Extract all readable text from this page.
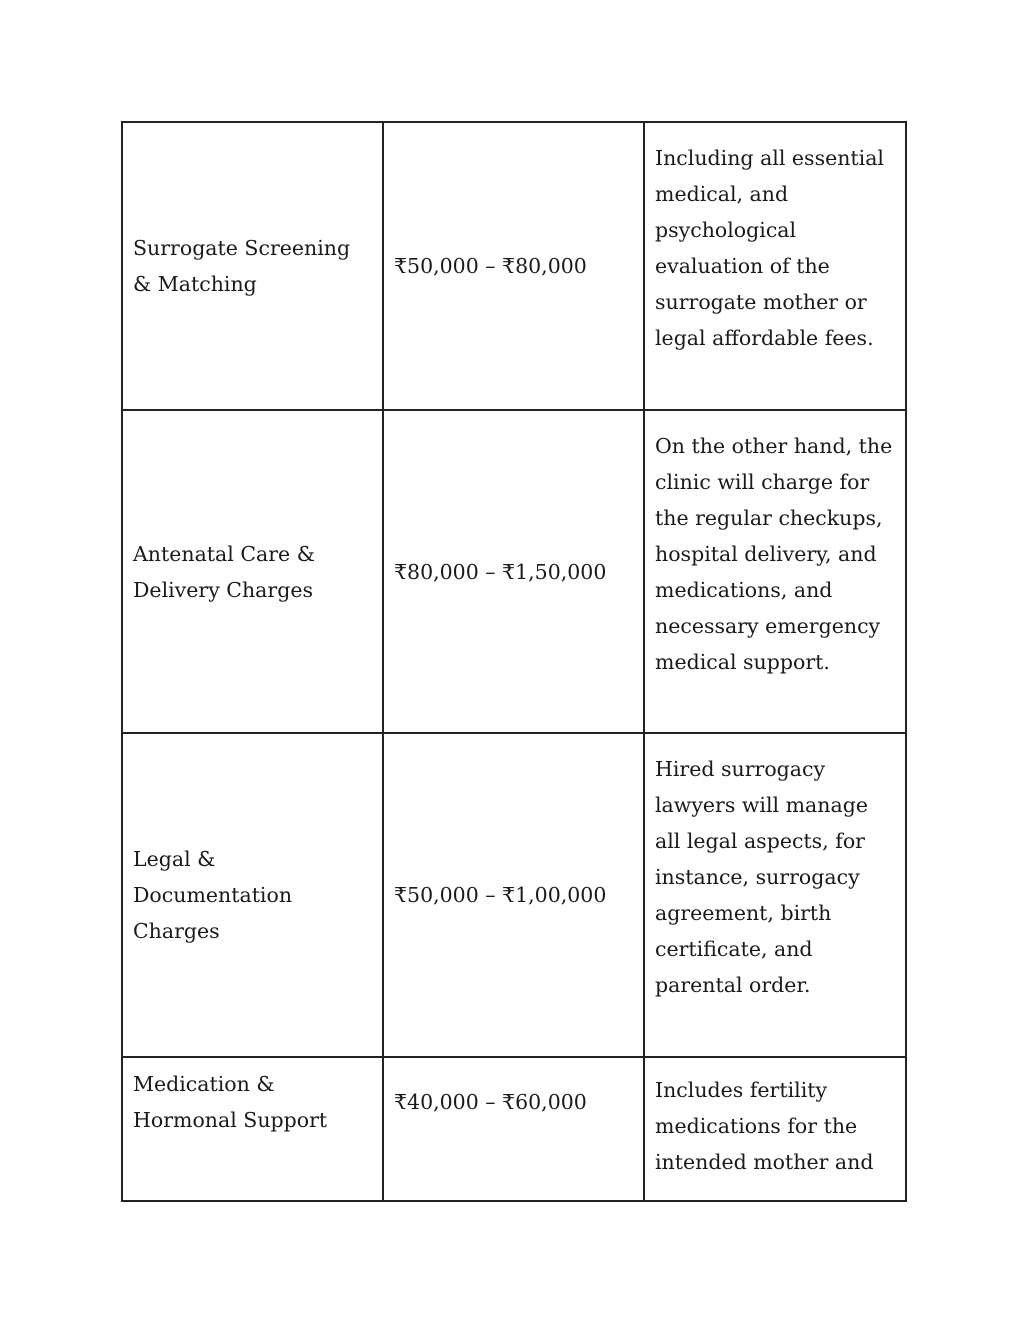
Surrogate Screening & Matching	₹50,000 – ₹80,000	Including all essential medical, and psychological evaluation of the surrogate mother or legal affordable fees.

Antenatal Care & Delivery Charges	₹80,000 – ₹1,50,000	On the other hand, the clinic will charge for the regular checkups, hospital delivery, and medications, and necessary emergency medical support.

Legal & Documentation Charges	₹50,000 – ₹1,00,000	Hired surrogacy lawyers will manage all legal aspects, for instance, surrogacy agreement, birth certificate, and parental order.

Medication & Hormonal Support	₹40,000 – ₹60,000	Includes fertility medications for the intended mother and
